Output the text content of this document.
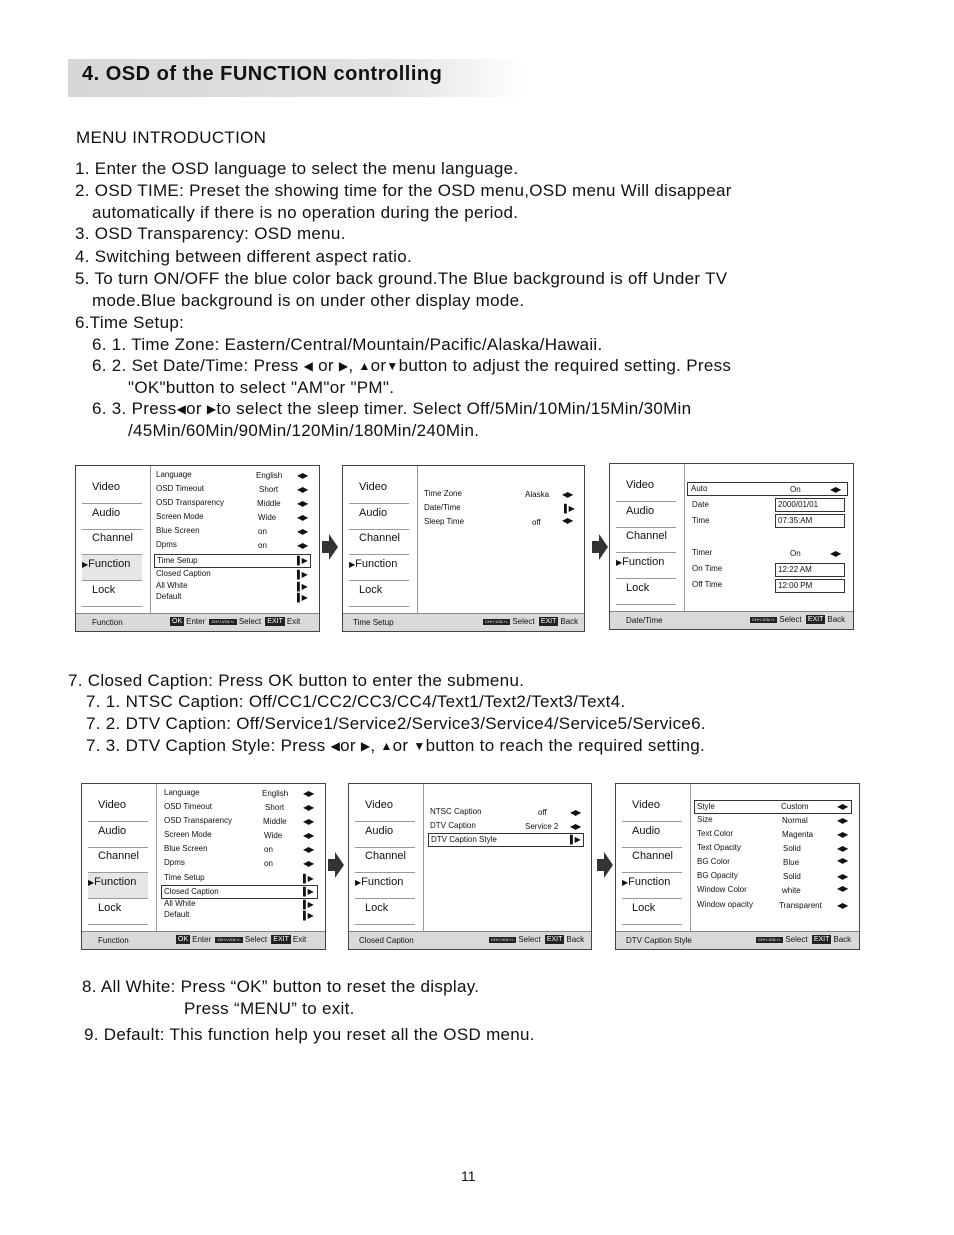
4. OSD of the FUNCTION controlling
MENU INTRODUCTION
1. Enter the OSD language to select the menu language.
2. OSD TIME: Preset the showing time for the OSD menu,OSD menu Will disappear
automatically if there is no operation during the period.
3. OSD Transparency: OSD menu.
4. Switching between different aspect ratio.
5. To turn ON/OFF the blue color back ground.The Blue background is off Under TV
mode.Blue background is on under other display mode.
6.Time Setup:
6. 1. Time Zone: Eastern/Central/Mountain/Pacific/Alaska/Hawaii.
6. 2. Set Date/Time: Press ◀ or ▶, ▲or▼button to adjust the required setting. Press
"OK"button to select "AM"or "PM".
6. 3. Press◀or ▶to select the sleep timer. Select Off/5Min/10Min/15Min/30Min
/45Min/60Min/90Min/120Min/180Min/240Min.
Video
Audio
Channel
▶Function
Lock
Language	English ◀▶
OSD Timeout	Short ◀▶
OSD Transparency	Middle ◀▶
Screen Mode	Wide	◀▶
Blue Screen	on	◀▶
Dpms	on	◀▶
Time Setup	▌▶
Closed Caption	▌▶
All White	▌▶
Default	▌▶
Function	OK Enter CH+/-VOL+/- Select EXIT Exit
Video
Audio
Channel
▶Function
Lock
Time Zone	Alaska ◀▶
Date/Time	▌▶
Sleep Time	off	◀▶
Time Setup	CH+/-VOL+/- Select EXIT Back
Video
Audio
Channel
▶Function
Lock
Auto	On	◀▶
Date	2000/01/01
Time	07:35:AM
Timer	On	◀▶
On Time	12:22 AM
Off Time	12:00 PM
Date/Time	CH+/-VOL+/- Select EXIT Back
7. Closed Caption: Press OK button to enter the submenu.
7. 1. NTSC Caption: Off/CC1/CC2/CC3/CC4/Text1/Text2/Text3/Text4.
7. 2. DTV Caption: Off/Service1/Service2/Service3/Service4/Service5/Service6.
7. 3. DTV Caption Style: Press ◀or ▶, ▲or ▼button to reach the required setting.
Video
Audio
Channel
▶Function
Lock
Language	English ◀▶
OSD Timeout	Short ◀▶
OSD Transparency	Middle ◀▶
Screen Mode	Wide	◀▶
Blue Screen	on	◀▶
Dpms	on	◀▶
Time Setup	▌▶
Closed Caption	▌▶
All White	▌▶
Default	▌▶
Function	OK Enter CH+/-VOL+/- Select EXIT Exit
Video
Audio
Channel
▶Function
Lock
NTSC Caption	off	◀▶
DTV Caption	Service 2 ◀▶
DTV Caption Style	▌▶
Closed Caption	CH+/-VOL+/- Select EXIT Back
Video
Audio
Channel
▶Function
Lock
Style	Custom	◀▶
Size	Normal	◀▶
Text Color	Magenta	◀▶
Text Opacity	Solid	◀▶
BG Color	Blue	◀▶
BG Opacity	Solid	◀▶
Window Color	white	◀▶
Window opacity	Transparent ◀▶
DTV Caption Style	CH+/-VOL+/- Select EXIT Back
8. All White: Press “OK” button to reset the display.
Press “MENU” to exit.
9. Default: This function help you reset all the OSD menu.
11
